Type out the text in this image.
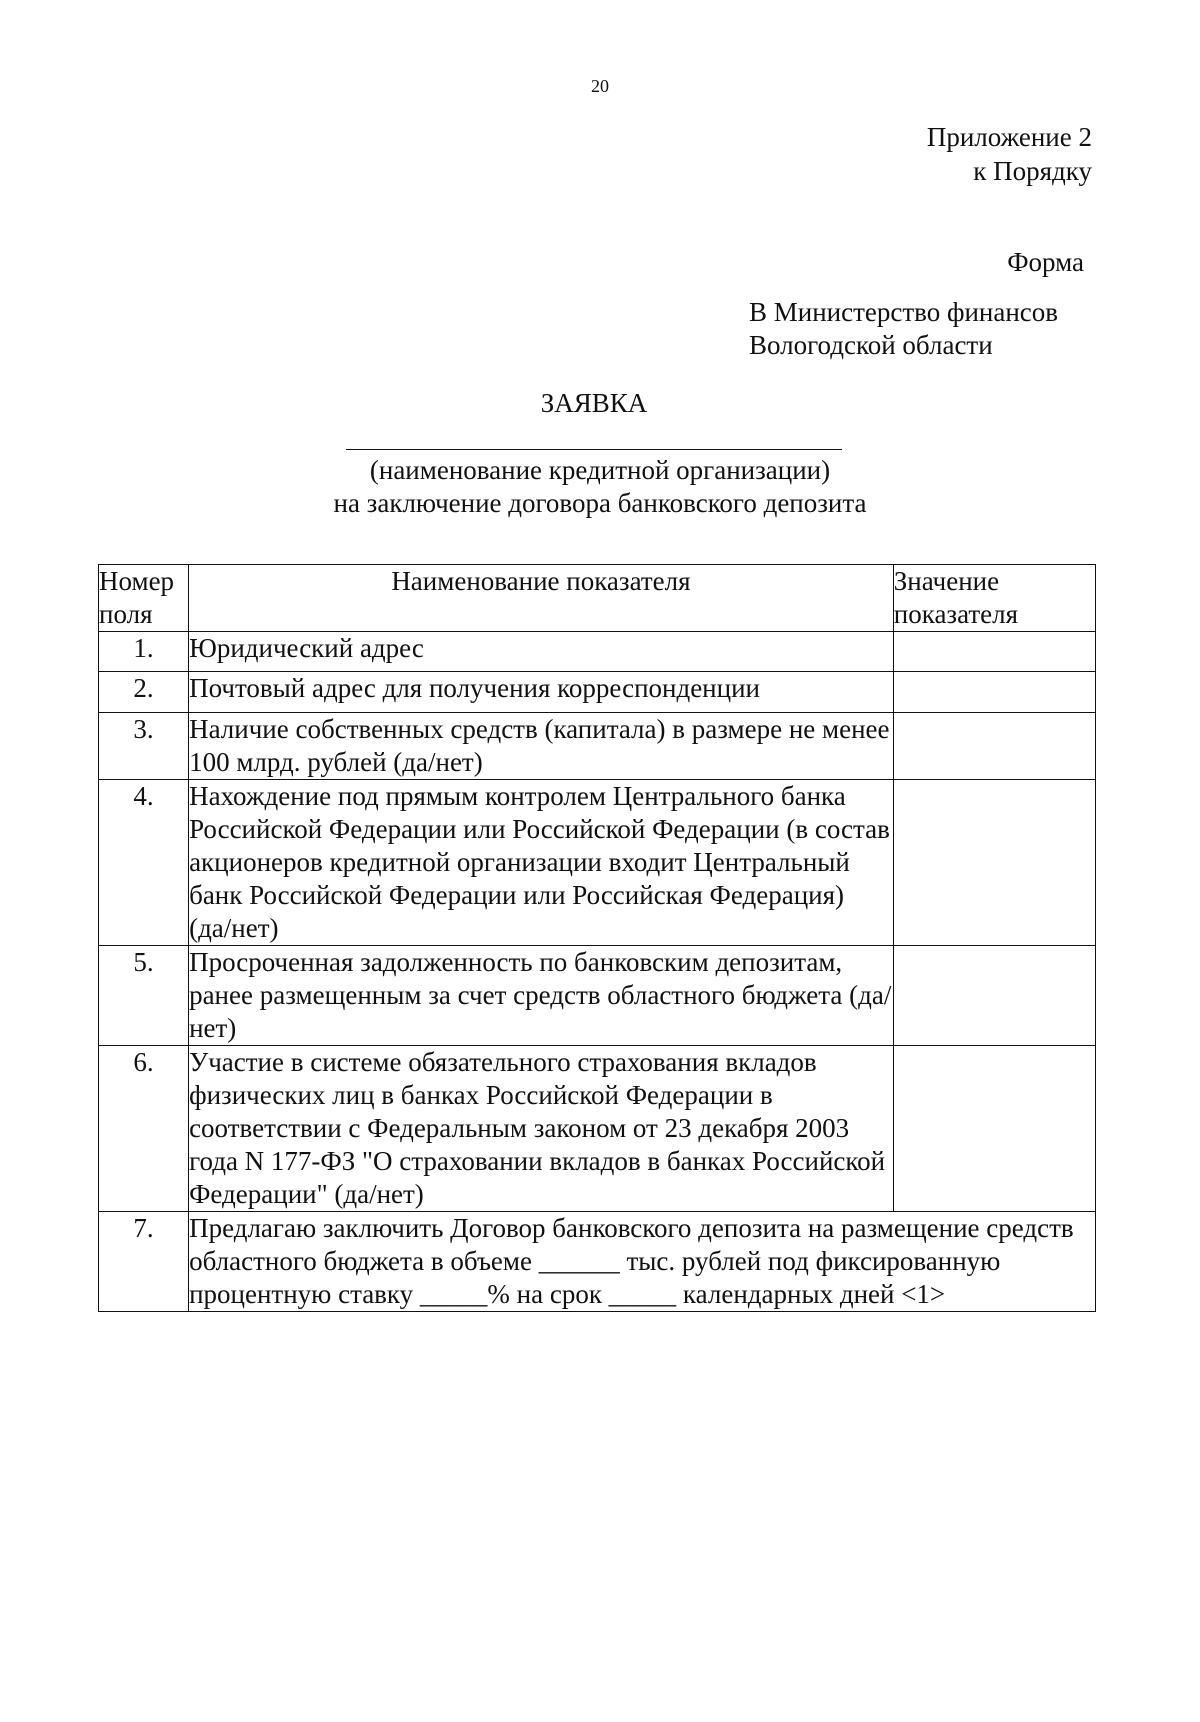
20
Приложение 2
к Порядку
Форма
В Министерство финансов
Вологодской области
ЗАЯВКА
(наименование кредитной организации)
на заключение договора банковского депозита
Номер поля	Наименование показателя	Значение показателя
1.	Юридический адрес	
2.	Почтовый адрес для получения корреспонденции	
3.	Наличие собственных средств (капитала) в размере не менее 100 млрд. рублей (да/нет)	
4.	Нахождение под прямым контролем Центрального банка Российской Федерации или Российской Федерации (в состав акционеров кредитной организации входит Центральный банк Российской Федерации или Российская Федерация) (да/нет)	
5.	Просроченная задолженность по банковским депозитам, ранее размещенным за счет средств областного бюджета (да/нет)	
6.	Участие в системе обязательного страхования вкладов физических лиц в банках Российской Федерации в соответствии с Федеральным законом от 23 декабря 2003 года N 177-ФЗ "О страховании вкладов в банках Российской Федерации" (да/нет)	
7.	Предлагаю заключить Договор банковского депозита на размещение средств областного бюджета в объеме ______ тыс. рублей под фиксированную процентную ставку _____% на срок _____ календарных дней <1>	
